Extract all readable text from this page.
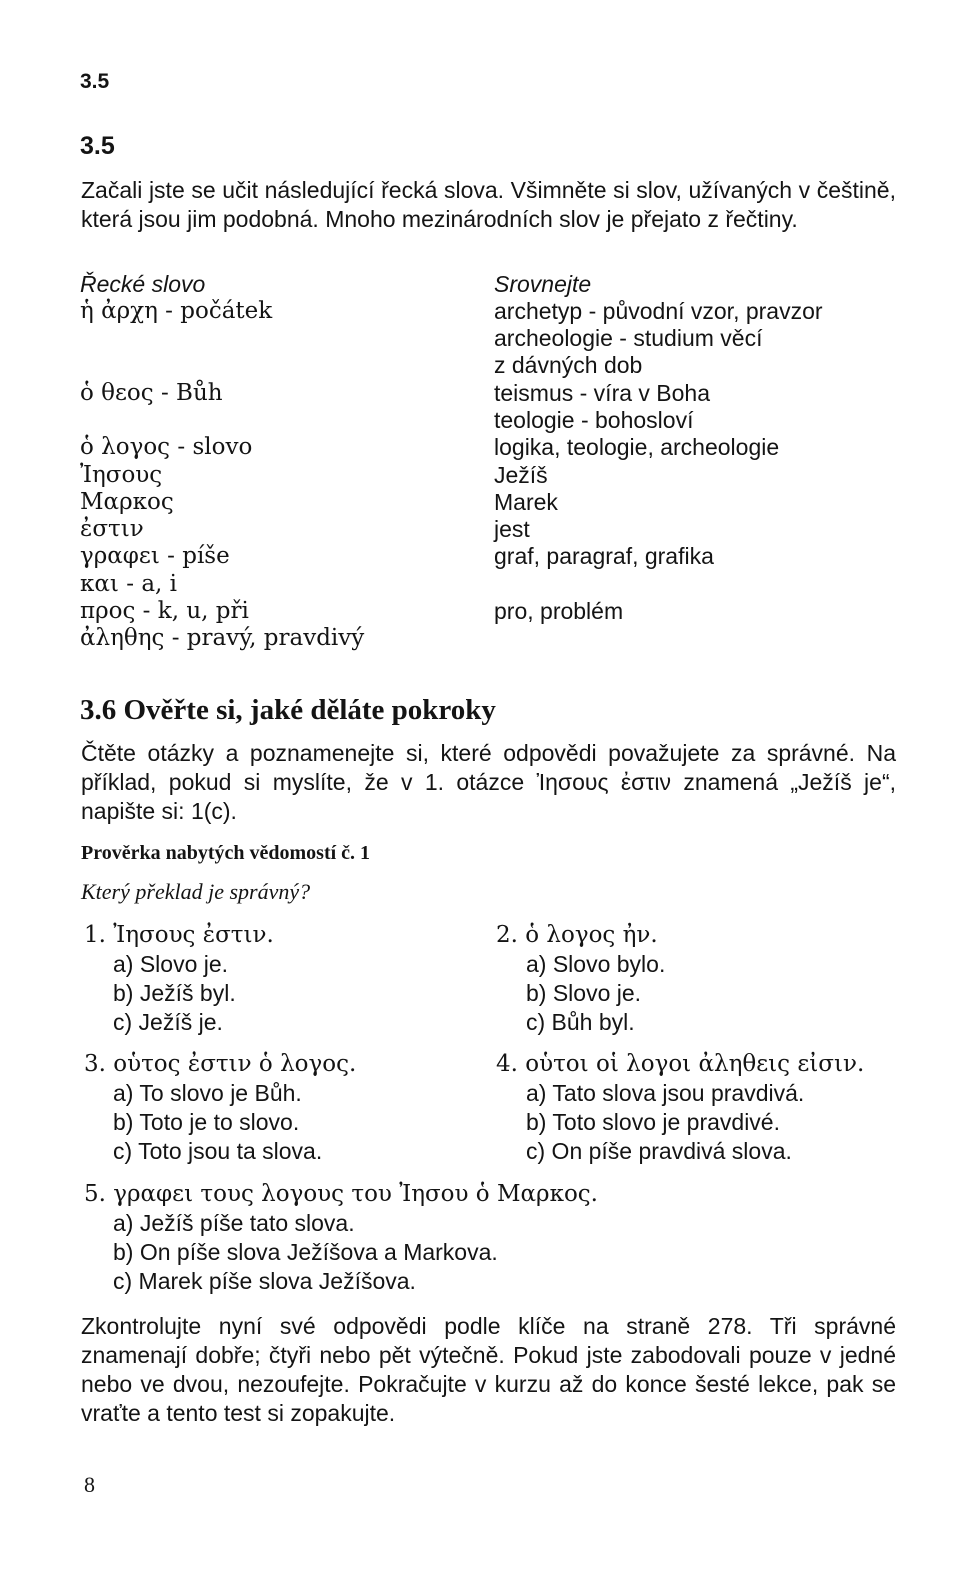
3.5
3.5

Začali jste se učit následující řecká slova. Všimněte si slov, užívaných v češtině, která jsou jim podobná. Mnoho mezinárodních slov je přejato z řečtiny.

Řecké slovo	Srovnejte
ἡ ἀρχη - počátek	archetyp - původní vzor, pravzor
archeologie - studium věcí
z dávných dob
ὁ θεος - Bůh	teismus - víra v Boha
teologie - bohosloví
ὁ λογος - slovo	logika, teologie, archeologie
Ἰησους	Ježíš
Μαρκος	Marek
ἐστιν	jest
γραφει - píše	graf, paragraf, grafika
και - a, i
προς - k, u, při	pro, problém
ἀληθης - pravý, pravdivý
3.6 Ověřte si, jaké děláte pokroky

Čtěte otázky a poznamenejte si, které odpovědi považujete za správné. Na příklad, pokud si myslíte, že v 1. otázce Ἰησους ἐστιν znamená „Ježíš je“, napište si: 1(c).

Prověrka nabytých vědomostí č. 1
Který překlad je správný?
1. Ἰησους ἐστιν.
a) Slovo je.
b) Ježíš byl.
c) Ježíš je.
2. ὁ λογος ἠν.
a) Slovo bylo.
b) Slovo je.
c) Bůh byl.
3. οὑτος ἐστιν ὁ λογος.
a) To slovo je Bůh.
b) Toto je to slovo.
c) Toto jsou ta slova.
4. οὑτοι οἱ λογοι ἀληθεις εἰσιν.
a) Tato slova jsou pravdivá.
b) Toto slovo je pravdivé.
c) On píše pravdivá slova.
5. γραφει τους λογους του Ἰησου ὁ Μαρκος.
a) Ježíš píše tato slova.
b) On píše slova Ježíšova a Markova.
c) Marek píše slova Ježíšova.

Zkontrolujte nyní své odpovědi podle klíče na straně 278. Tři správné znamenají dobře; čtyři nebo pět výtečně. Pokud jste zabodovali pouze v jedné nebo ve dvou, nezoufejte. Pokračujte v kurzu až do konce šesté lekce, pak se vraťte a tento test si zopakujte.

8
